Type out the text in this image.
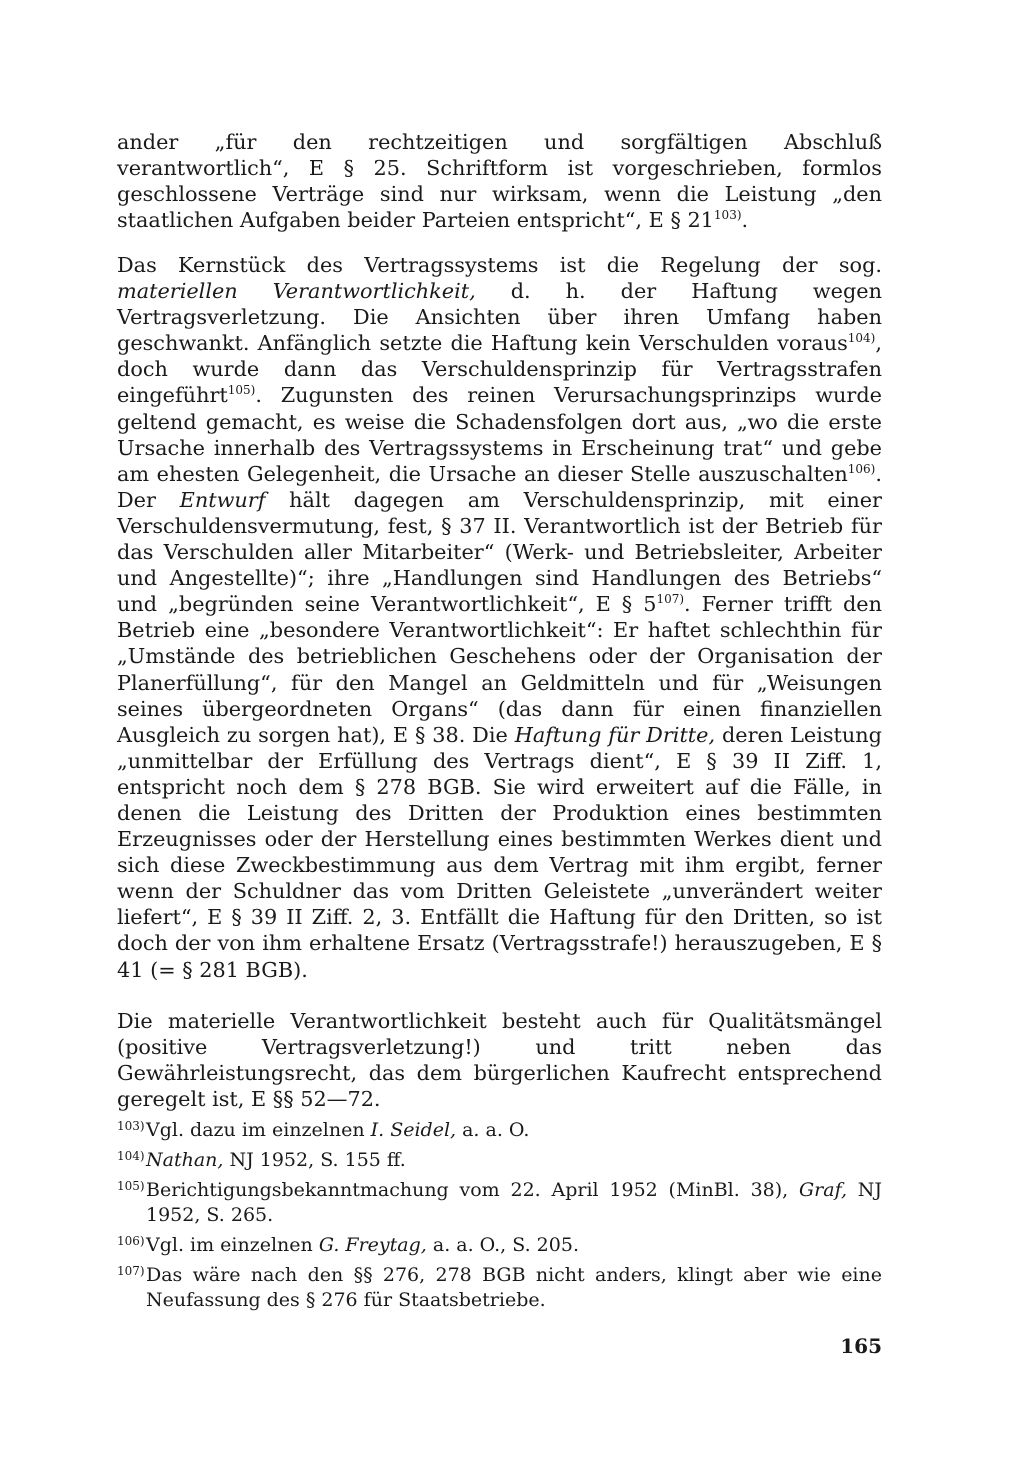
ander „für den rechtzeitigen und sorgfältigen Abschluß verantwortlich“, E § 25. Schriftform ist vorgeschrieben, formlos geschlossene Verträge sind nur wirksam, wenn die Leistung „den staatlichen Aufgaben beider Parteien entspricht“, E § 21$^{103)}$.

Das Kernstück des Vertragssystems ist die Regelung der sog. materiellen Verantwortlichkeit, d. h. der Haftung wegen Vertragsverletzung. Die Ansichten über ihren Umfang haben geschwankt. Anfänglich setzte die Haftung kein Verschulden voraus$^{104)}$, doch wurde dann das Verschuldensprinzip für Vertragsstrafen eingeführt$^{105)}$. Zugunsten des reinen Verursachungsprinzips wurde geltend gemacht, es weise die Schadensfolgen dort aus, „wo die erste Ursache innerhalb des Vertragssystems in Erscheinung trat“ und gebe am ehesten Gelegenheit, die Ursache an dieser Stelle auszuschalten$^{106)}$. Der Entwurf hält dagegen am Verschuldensprinzip, mit einer Verschuldensvermutung, fest, § 37 II. Verantwortlich ist der Betrieb für das Verschulden aller Mitarbeiter“ (Werk- und Betriebsleiter, Arbeiter und Angestellte)“; ihre „Handlungen sind Handlungen des Betriebs“ und „begründen seine Verantwortlichkeit“, E § 5$^{107)}$. Ferner trifft den Betrieb eine „besondere Verantwortlichkeit“: Er haftet schlechthin für „Umstände des betrieblichen Geschehens oder der Organisation der Planerfüllung“, für den Mangel an Geldmitteln und für „Weisungen seines übergeordneten Organs“ (das dann für einen finanziellen Ausgleich zu sorgen hat), E § 38. Die Haftung für Dritte, deren Leistung „unmittelbar der Erfüllung des Vertrags dient“, E § 39 II Ziff. 1, entspricht noch dem § 278 BGB. Sie wird erweitert auf die Fälle, in denen die Leistung des Dritten der Produktion eines bestimmten Erzeugnisses oder der Herstellung eines bestimmten Werkes dient und sich diese Zweckbestimmung aus dem Vertrag mit ihm ergibt, ferner wenn der Schuldner das vom Dritten Geleistete „unverändert weiter liefert“, E § 39 II Ziff. 2, 3. Entfällt die Haftung für den Dritten, so ist doch der von ihm erhaltene Ersatz (Vertragsstrafe!) herauszugeben, E § 41 (= § 281 BGB).

Die materielle Verantwortlichkeit besteht auch für Qualitätsmängel (positive Vertragsverletzung!) und tritt neben das Gewährleistungsrecht, das dem bürgerlichen Kaufrecht entsprechend geregelt ist, E §§ 52—72.

103) Vgl. dazu im einzelnen I. Seidel, a. a. O.
104) Nathan, NJ 1952, S. 155 ff.
105) Berichtigungsbekanntmachung vom 22. April 1952 (MinBl. 38), Graf, NJ 1952, S. 265.
106) Vgl. im einzelnen G. Freytag, a. a. O., S. 205.
107) Das wäre nach den §§ 276, 278 BGB nicht anders, klingt aber wie eine Neufassung des § 276 für Staatsbetriebe.
165
